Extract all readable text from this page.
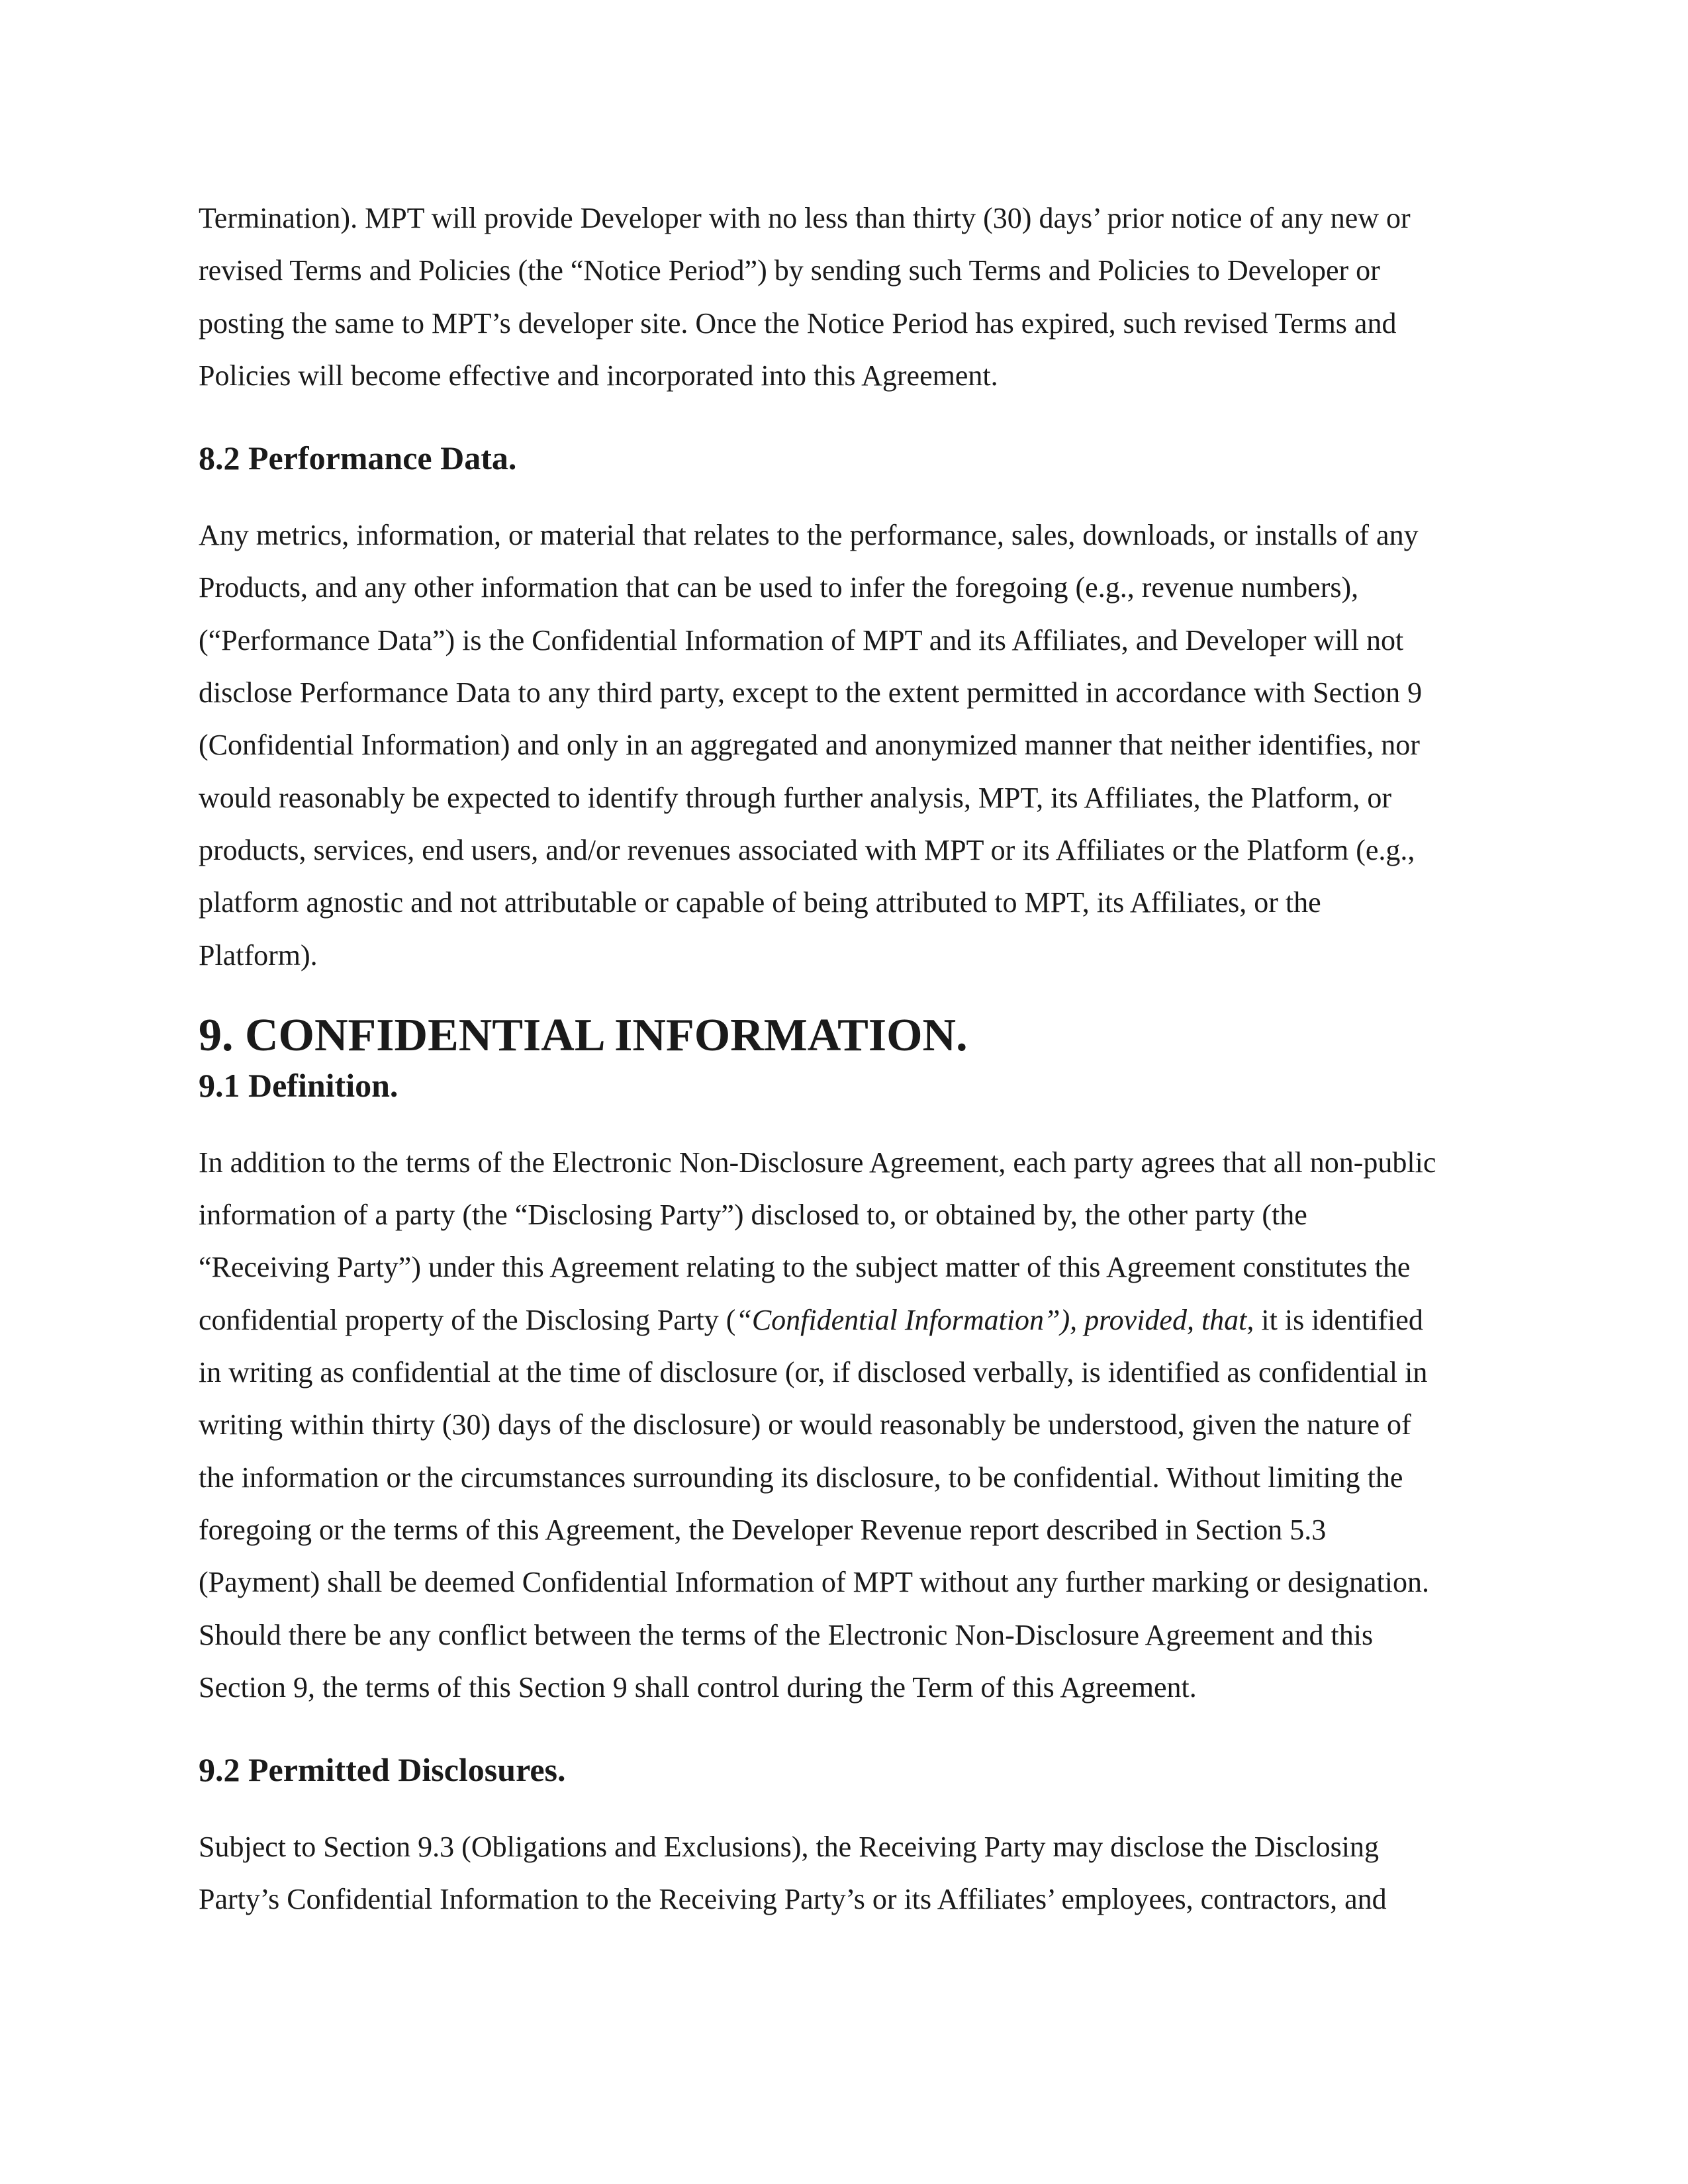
Termination). MPT will provide Developer with no less than thirty (30) days’ prior notice of any new or
revised Terms and Policies (the “Notice Period”) by sending such Terms and Policies to Developer or
posting the same to MPT’s developer site. Once the Notice Period has expired, such revised Terms and
Policies will become effective and incorporated into this Agreement.

8.2 Performance Data.

Any metrics, information, or material that relates to the performance, sales, downloads, or installs of any
Products, and any other information that can be used to infer the foregoing (e.g., revenue numbers),
(“Performance Data”) is the Confidential Information of MPT and its Affiliates, and Developer will not
disclose Performance Data to any third party, except to the extent permitted in accordance with Section 9
(Confidential Information) and only in an aggregated and anonymized manner that neither identifies, nor
would reasonably be expected to identify through further analysis, MPT, its Affiliates, the Platform, or
products, services, end users, and/or revenues associated with MPT or its Affiliates or the Platform (e.g.,
platform agnostic and not attributable or capable of being attributed to MPT, its Affiliates, or the
Platform).

9. CONFIDENTIAL INFORMATION.
9.1 Definition.

In addition to the terms of the Electronic Non-Disclosure Agreement, each party agrees that all non-public
information of a party (the “Disclosing Party”) disclosed to, or obtained by, the other party (the
“Receiving Party”) under this Agreement relating to the subject matter of this Agreement constitutes the
confidential property of the Disclosing Party (“Confidential Information”), provided, that, it is identified
in writing as confidential at the time of disclosure (or, if disclosed verbally, is identified as confidential in
writing within thirty (30) days of the disclosure) or would reasonably be understood, given the nature of
the information or the circumstances surrounding its disclosure, to be confidential. Without limiting the
foregoing or the terms of this Agreement, the Developer Revenue report described in Section 5.3
(Payment) shall be deemed Confidential Information of MPT without any further marking or designation.
Should there be any conflict between the terms of the Electronic Non-Disclosure Agreement and this
Section 9, the terms of this Section 9 shall control during the Term of this Agreement.

9.2 Permitted Disclosures.

Subject to Section 9.3 (Obligations and Exclusions), the Receiving Party may disclose the Disclosing
Party’s Confidential Information to the Receiving Party’s or its Affiliates’ employees, contractors, and
